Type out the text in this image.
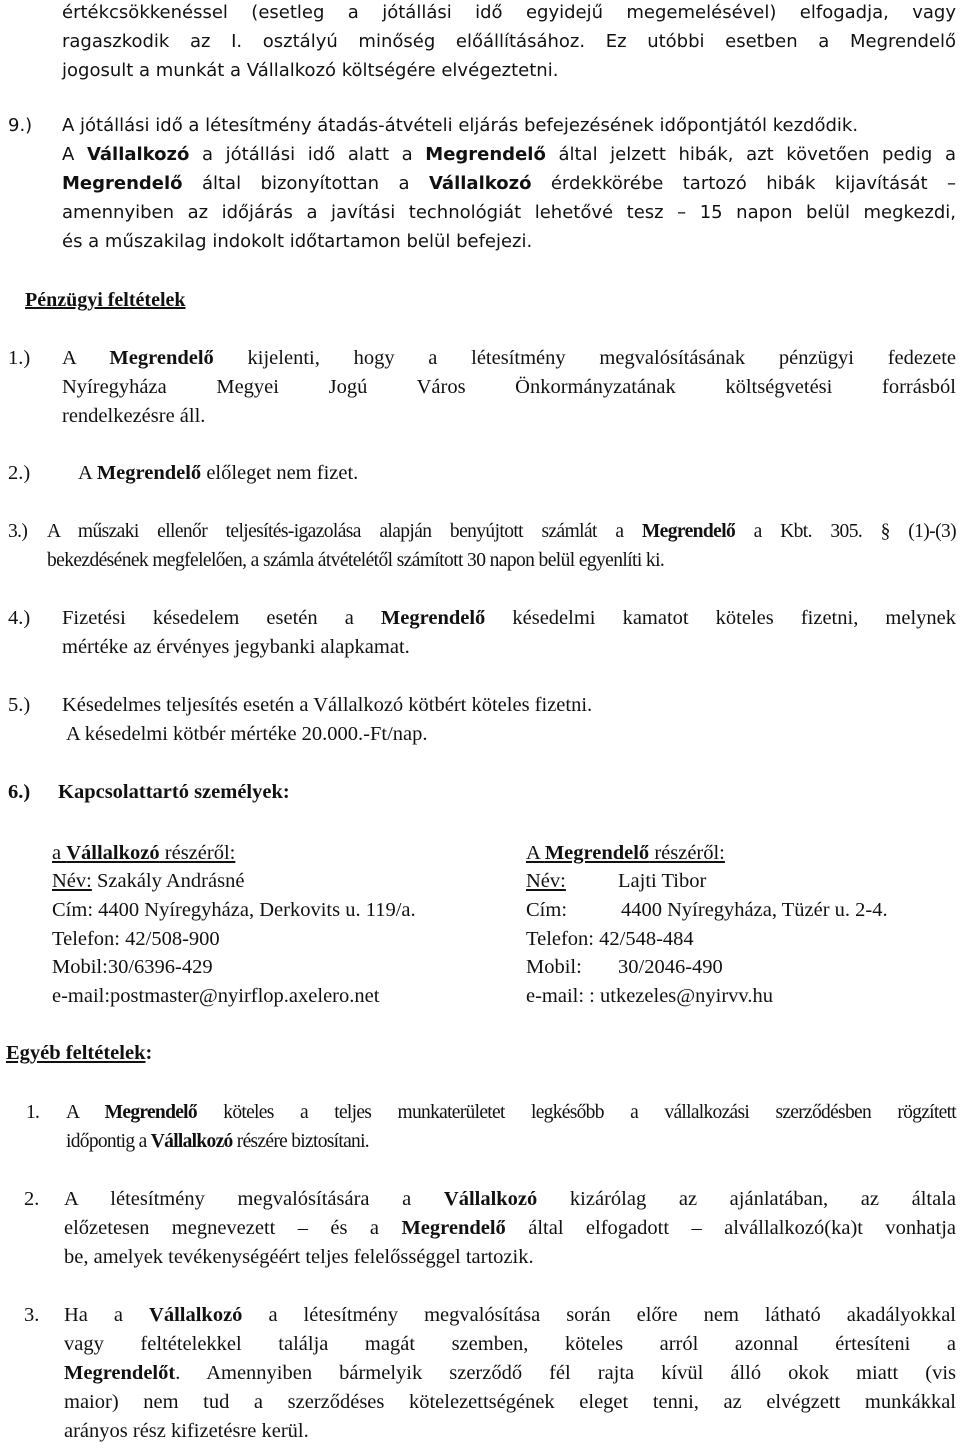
értékcsökkenéssel (esetleg a jótállási idő egyidejű megemelésével) elfogadja, vagy
ragaszkodik az I. osztályú minőség előállításához. Ez utóbbi esetben a Megrendelő
jogosult a munkát a Vállalkozó költségére elvégeztetni.
9.) A jótállási idő a létesítmény átadás-átvételi eljárás befejezésének időpontjától kezdődik.
A Vállalkozó a jótállási idő alatt a Megrendelő által jelzett hibák, azt követően pedig a
Megrendelő által bizonyítottan a Vállalkozó érdekkörébe tartozó hibák kijavítását –
amennyiben az időjárás a javítási technológiát lehetővé tesz – 15 napon belül megkezdi,
és a műszakilag indokolt időtartamon belül befejezi.
Pénzügyi feltételek
1.) A Megrendelő kijelenti, hogy a létesítmény megvalósításának pénzügyi fedezete
Nyíregyháza Megyei Jogú Város Önkormányzatának költségvetési forrásból
rendelkezésre áll.
2.) A Megrendelő előleget nem fizet.
3.) A műszaki ellenőr teljesítés-igazolása alapján benyújtott számlát a Megrendelő a Kbt. 305. § (1)-(3)
bekezdésének megfelelően, a számla átvételétől számított 30 napon belül egyenlíti ki.
4.) Fizetési késedelem esetén a Megrendelő késedelmi kamatot köteles fizetni, melynek
mértéke az érvényes jegybanki alapkamat.
5.) Késedelmes teljesítés esetén a Vállalkozó kötbért köteles fizetni.
A késedelmi kötbér mértéke 20.000.-Ft/nap.
6.) Kapcsolattartó személyek:
a Vállalkozó részéről:
Név: Szakály Andrásné
Cím: 4400 Nyíregyháza, Derkovits u. 119/a.
Telefon: 42/508-900
Mobil:30/6396-429
e-mail:postmaster@nyirflop.axelero.net
A Megrendelő részéről:
Név:	Lajti Tibor
Cím:	4400 Nyíregyháza, Tüzér u. 2-4.
Telefon: 42/548-484
Mobil: 30/2046-490
e-mail: : utkezeles@nyirvv.hu
Egyéb feltételek:
1. A Megrendelő köteles a teljes munkaterületet legkésőbb a vállalkozási szerződésben rögzített
időpontig a Vállalkozó részére biztosítani.
2. A létesítmény megvalósítására a Vállalkozó kizárólag az ajánlatában, az általa
előzetesen megnevezett – és a Megrendelő által elfogadott – alvállalkozó(ka)t vonhatja
be, amelyek tevékenységéért teljes felelősséggel tartozik.
3. Ha a Vállalkozó a létesítmény megvalósítása során előre nem látható akadályokkal
vagy feltételekkel találja magát szemben, köteles arról azonnal értesíteni a
Megrendelőt. Amennyiben bármelyik szerződő fél rajta kívül álló okok miatt (vis
maior) nem tud a szerződéses kötelezettségének eleget tenni, az elvégzett munkákkal
arányos rész kifizetésre kerül.
